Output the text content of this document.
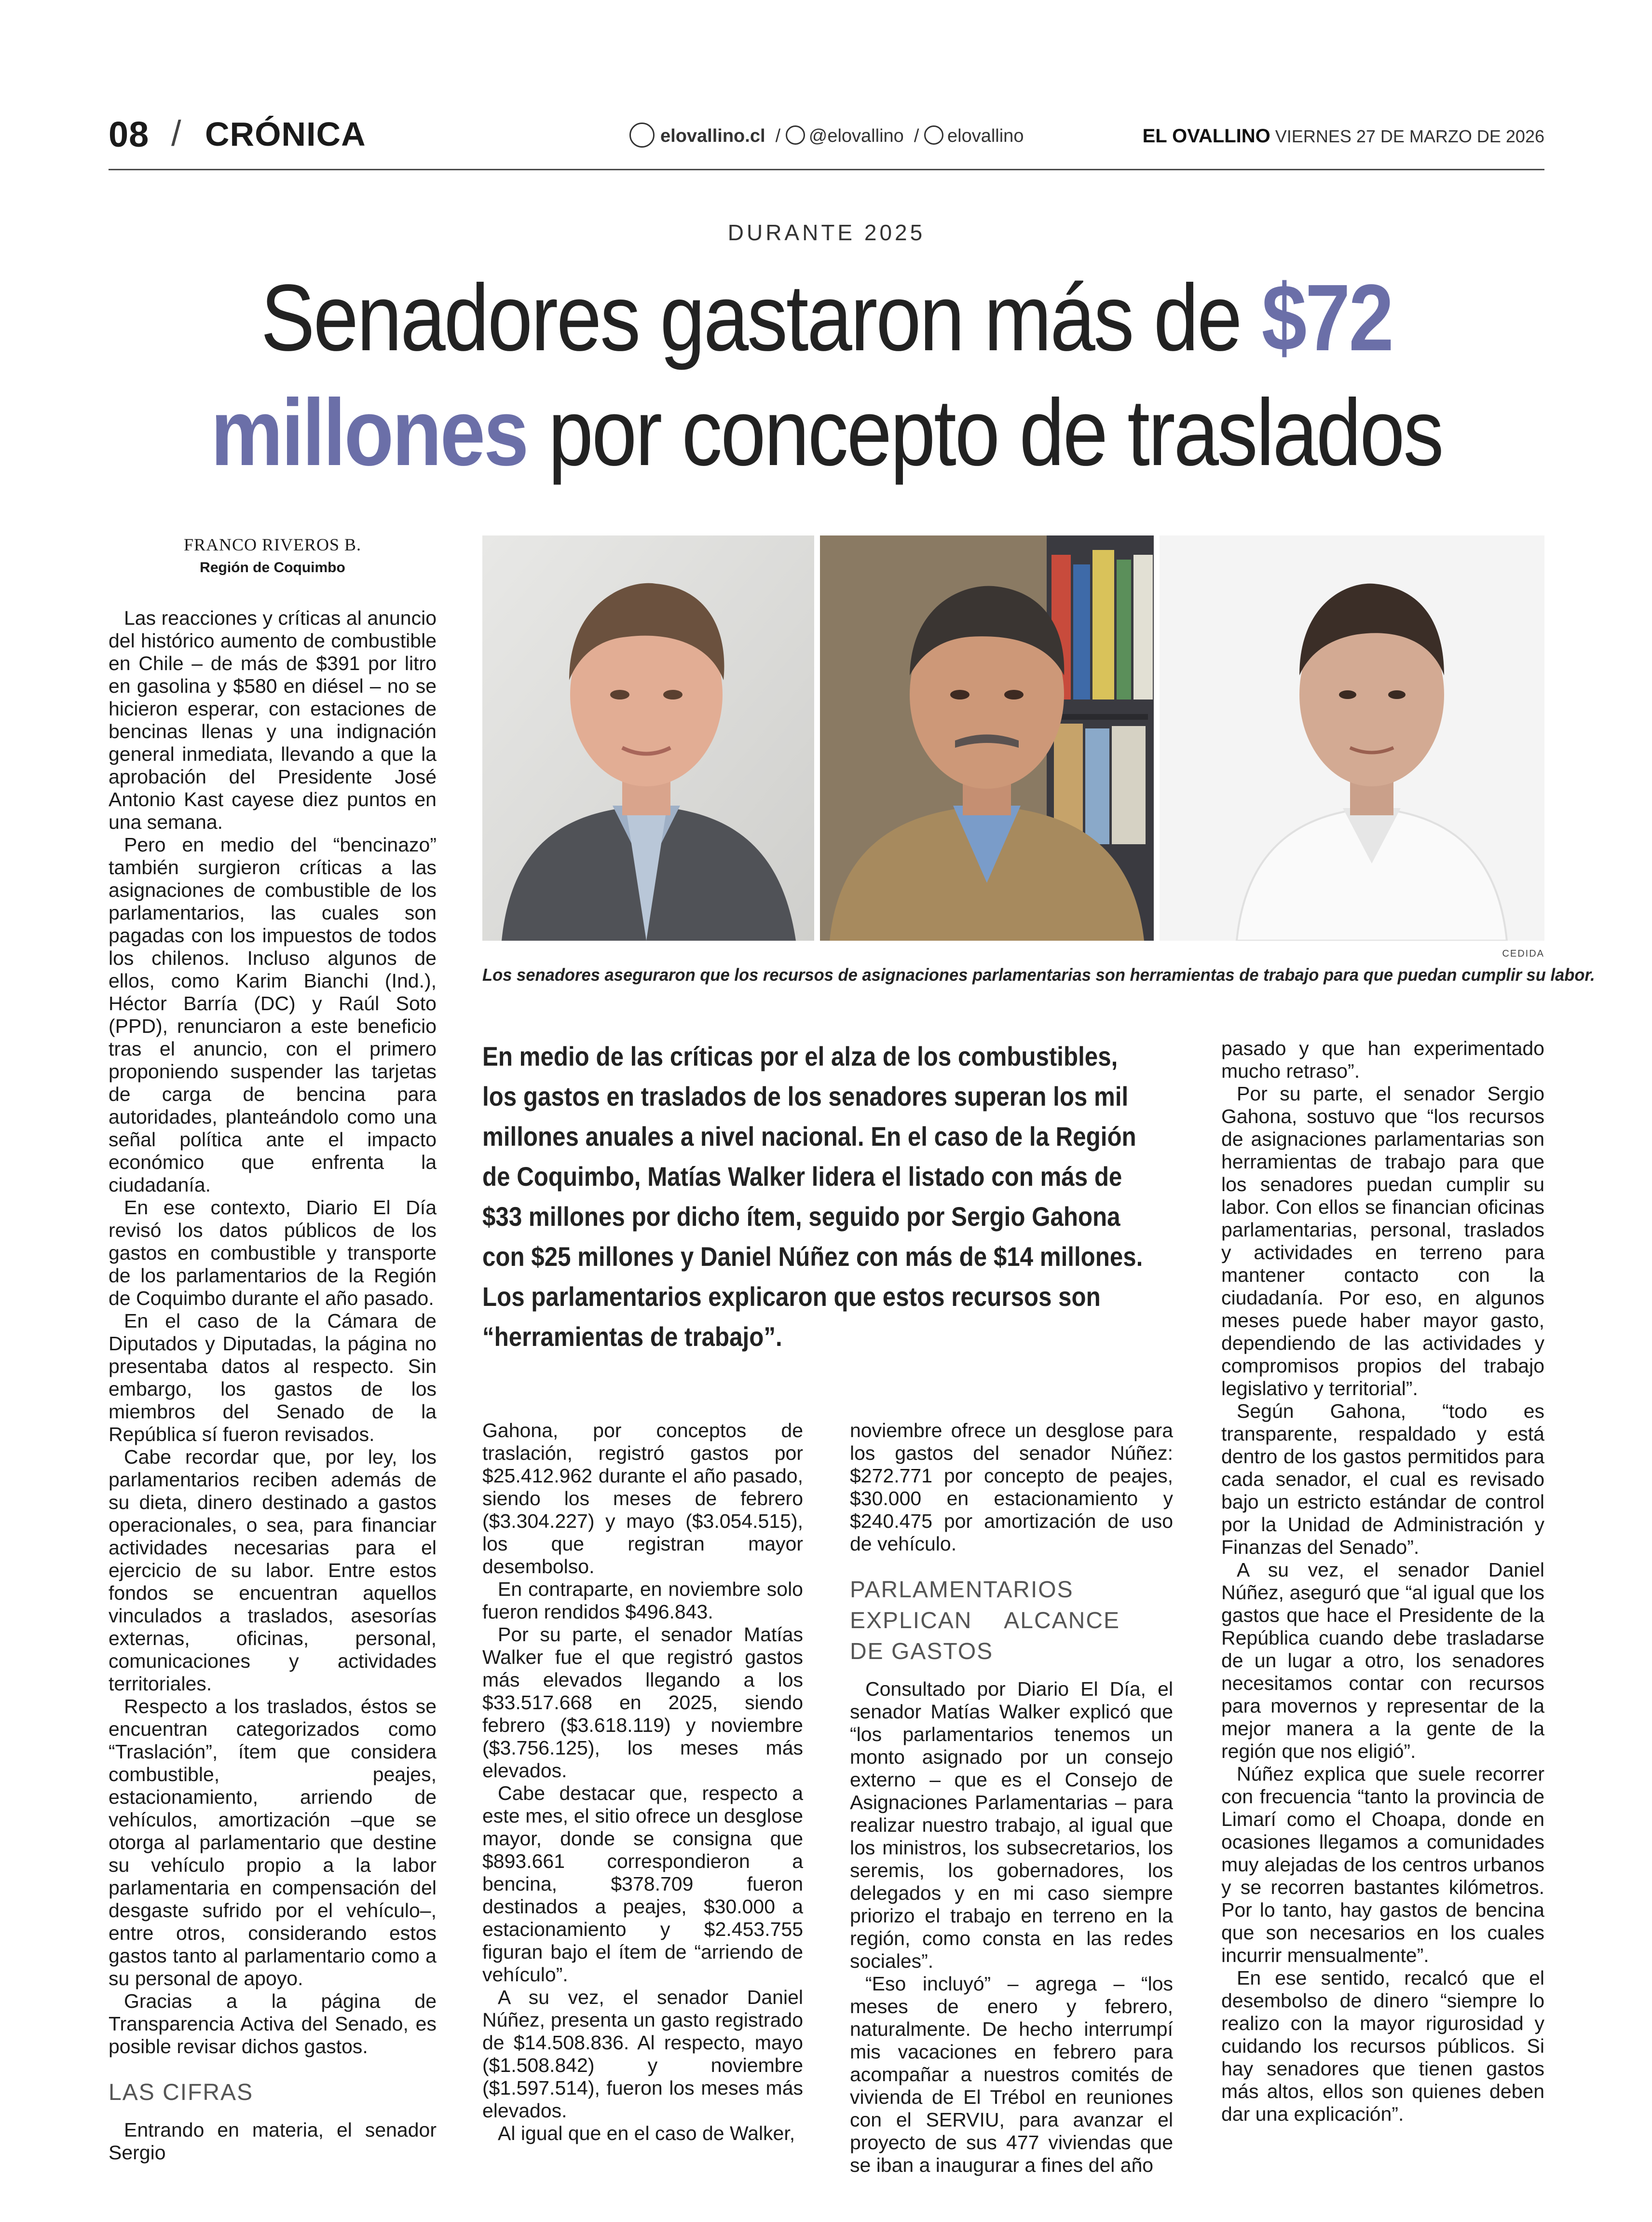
08 / CRÓNICA	elovallino.cl  / @elovallino  / elovallino	EL OVALLINO VIERNES 27 DE MARZO DE 2026
DURANTE 2025
Senadores gastaron más de $72
millones por concepto de traslados
FRANCO RIVEROS B.
Región de Coquimbo

Las reacciones y críticas al anuncio del histórico aumento de combustible en Chile – de más de $391 por litro en gasolina y $580 en diésel – no se hicieron esperar, con estaciones de bencinas llenas y una indignación general inmediata, llevando a que la aprobación del Presidente José Antonio Kast cayese diez puntos en una semana.

Pero en medio del “bencinazo” también surgieron críticas a las asignaciones de combustible de los parlamentarios, las cuales son pagadas con los impuestos de todos los chilenos. Incluso algunos de ellos, como Karim Bianchi (Ind.), Héctor Barría (DC) y Raúl Soto (PPD), renunciaron a este beneficio tras el anuncio, con el primero proponiendo suspender las tarjetas de carga de bencina para autoridades, planteándolo como una señal política ante el impacto económico que enfrenta la ciudadanía.

En ese contexto, Diario El Día revisó los datos públicos de los gastos en combustible y transporte de los parlamentarios de la Región de Coquimbo durante el año pasado.

En el caso de la Cámara de Diputados y Diputadas, la página no presentaba datos al respecto. Sin embargo, los gastos de los miembros del Senado de la República sí fueron revisados.

Cabe recordar que, por ley, los parlamentarios reciben además de su dieta, dinero destinado a gastos operacionales, o sea, para financiar actividades necesarias para el ejercicio de su labor. Entre estos fondos se encuentran aquellos vinculados a traslados, asesorías externas, oficinas, personal, comunicaciones y actividades territoriales.

Respecto a los traslados, éstos se encuentran categorizados como “Traslación”, ítem que considera combustible, peajes, estacionamiento, arriendo de vehículos, amortización –que se otorga al parlamentario que destine su vehículo propio a la labor parlamentaria en compensación del desgaste sufrido por el vehículo–, entre otros, considerando estos gastos tanto al parlamentario como a su personal de apoyo.

Gracias a la página de Transparencia Activa del Senado, es posible revisar dichos gastos.

LAS CIFRAS

Entrando en materia, el senador Sergio

CEDIDA
Los senadores aseguraron que los recursos de asignaciones parlamentarias son herramientas de trabajo para que puedan cumplir su labor.
En medio de las críticas por el alza de los combustibles, los gastos en traslados de los senadores superan los mil millones anuales a nivel nacional. En el caso de la Región de Coquimbo, Matías Walker lidera el listado con más de $33 millones por dicho ítem, seguido por Sergio Gahona con $25 millones y Daniel Núñez con más de $14 millones. Los parlamentarios explicaron que estos recursos son “herramientas de trabajo”.

Gahona, por conceptos de traslación, registró gastos por $25.412.962 durante el año pasado, siendo los meses de febrero ($3.304.227) y mayo ($3.054.515), los que registran mayor desembolso.

En contraparte, en noviembre solo fueron rendidos $496.843.

Por su parte, el senador Matías Walker fue el que registró gastos más elevados llegando a los $33.517.668 en 2025, siendo febrero ($3.618.119) y noviembre ($3.756.125), los meses más elevados.

Cabe destacar que, respecto a este mes, el sitio ofrece un desglose mayor, donde se consigna que $893.661 correspondieron a bencina, $378.709 fueron destinados a peajes, $30.000 a estacionamiento y $2.453.755 figuran bajo el ítem de “arriendo de vehículo”.

A su vez, el senador Daniel Núñez, presenta un gasto registrado de $14.508.836. Al respecto, mayo ($1.508.842) y noviembre ($1.597.514), fueron los meses más elevados.

Al igual que en el caso de Walker,

noviembre ofrece un desglose para los gastos del senador Núñez: $272.771 por concepto de peajes, $30.000 en estacionamiento y $240.475 por amortización de uso de vehículo.

PARLAMENTARIOS EXPLICAN ALCANCE DE GASTOS

Consultado por Diario El Día, el senador Matías Walker explicó que “los parlamentarios tenemos un monto asignado por un consejo externo – que es el Consejo de Asignaciones Parlamentarias – para realizar nuestro trabajo, al igual que los ministros, los subsecretarios, los seremis, los gobernadores, los delegados y en mi caso siempre priorizo el trabajo en terreno en la región, como consta en las redes sociales”.

“Eso incluyó” – agrega – “los meses de enero y febrero, naturalmente. De hecho interrumpí mis vacaciones en febrero para acompañar a nuestros comités de vivienda de El Trébol en reuniones con el SERVIU, para avanzar el proyecto de sus 477 viviendas que se iban a inaugurar a fines del año

pasado y que han experimentado mucho retraso”.

Por su parte, el senador Sergio Gahona, sostuvo que “los recursos de asignaciones parlamentarias son herramientas de trabajo para que los senadores puedan cumplir su labor. Con ellos se financian oficinas parlamentarias, personal, traslados y actividades en terreno para mantener contacto con la ciudadanía. Por eso, en algunos meses puede haber mayor gasto, dependiendo de las actividades y compromisos propios del trabajo legislativo y territorial”.

Según Gahona, “todo es transparente, respaldado y está dentro de los gastos permitidos para cada senador, el cual es revisado bajo un estricto estándar de control por la Unidad de Administración y Finanzas del Senado”.

A su vez, el senador Daniel Núñez, aseguró que “al igual que los gastos que hace el Presidente de la República cuando debe trasladarse de un lugar a otro, los senadores necesitamos contar con recursos para movernos y representar de la mejor manera a la gente de la región que nos eligió”.

Núñez explica que suele recorrer con frecuencia “tanto la provincia de Limarí como el Choapa, donde en ocasiones llegamos a comunidades muy alejadas de los centros urbanos y se recorren bastantes kilómetros. Por lo tanto, hay gastos de bencina que son necesarios en los cuales incurrir mensualmente”.

En ese sentido, recalcó que el desembolso de dinero “siempre lo realizo con la mayor rigurosidad y cuidando los recursos públicos. Si hay senadores que tienen gastos más altos, ellos son quienes deben dar una explicación”.
